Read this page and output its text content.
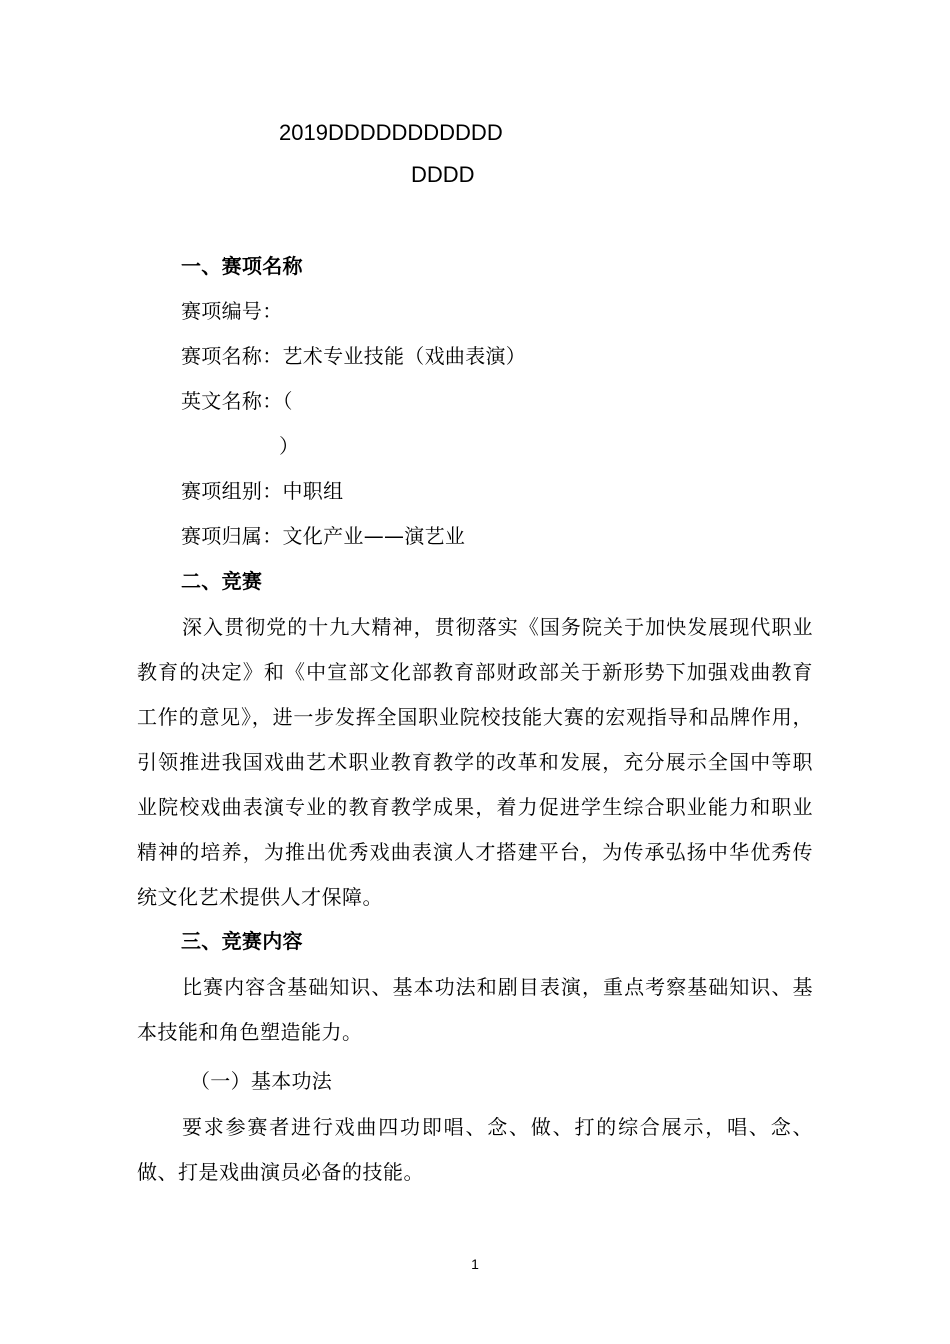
2019DDDDDDDDDDD
DDDD
一、赛项名称
赛项编号：
赛项名称：艺术专业技能（戏曲表演）
英文名称：（
）
赛项组别：中职组
赛项归属：文化产业——演艺业
二、竞赛

深入贯彻党的十九大精神，贯彻落实《国务院关于加快发展现代职业教育的决定》和《中宣部文化部教育部财政部关于新形势下加强戏曲教育工作的意见》，进一步发挥全国职业院校技能大赛的宏观指导和品牌作用，引领推进我国戏曲艺术职业教育教学的改革和发展，充分展示全国中等职业院校戏曲表演专业的教育教学成果，着力促进学生综合职业能力和职业精神的培养，为推出优秀戏曲表演人才搭建平台，为传承弘扬中华优秀传统文化艺术提供人才保障。

三、竞赛内容

比赛内容含基础知识、基本功法和剧目表演，重点考察基础知识、基本技能和角色塑造能力。

（一）基本功法

要求参赛者进行戏曲四功即唱、念、做、打的综合展示，唱、念、做、打是戏曲演员必备的技能。

1
